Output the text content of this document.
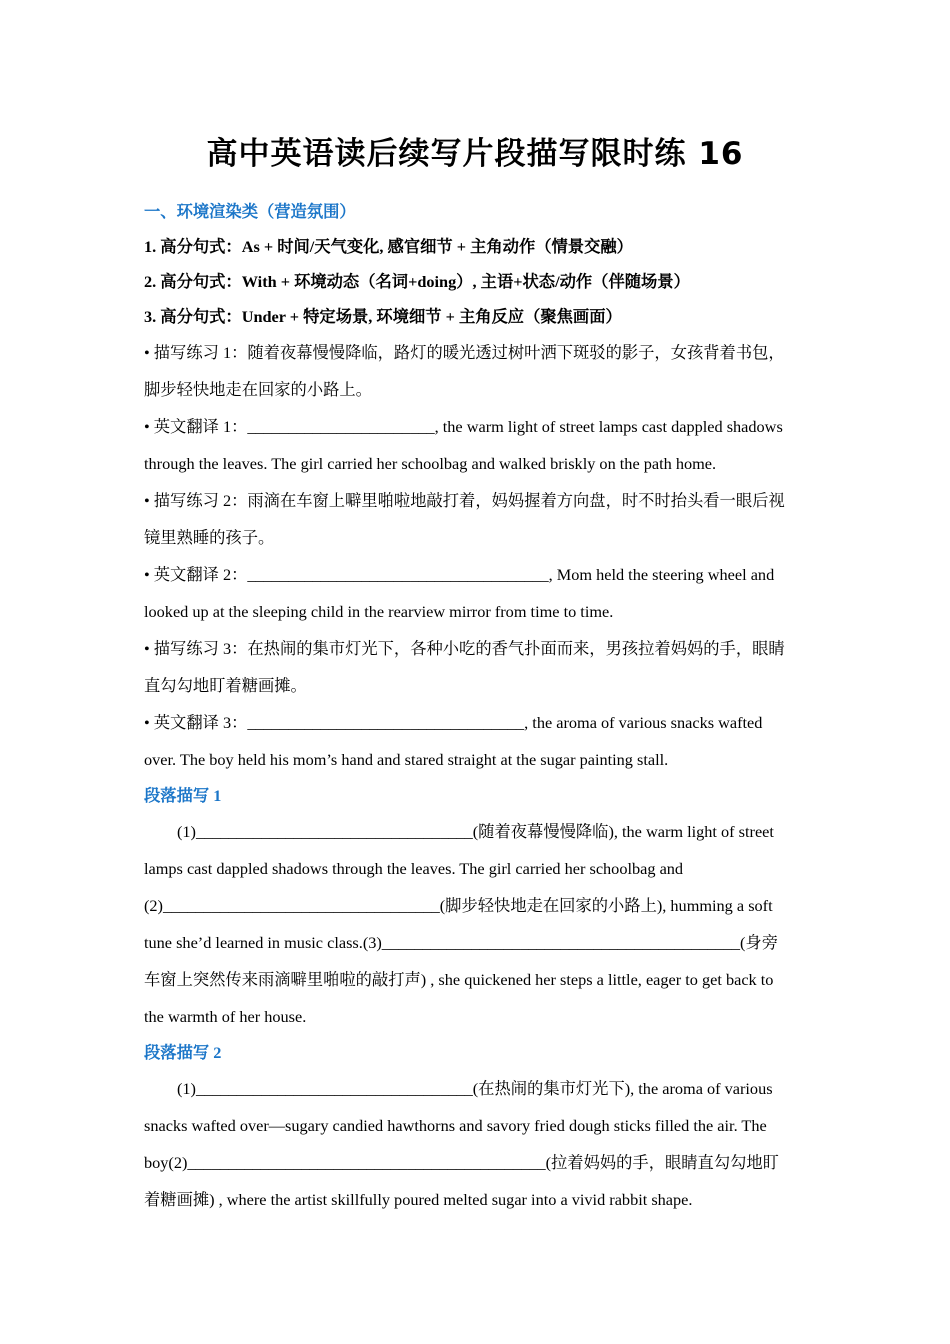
高中英语读后续写片段描写限时练 16

一、环境渲染类（营造氛围）

1. 高分句式：As + 时间/天气变化, 感官细节 + 主角动作（情景交融）

2. 高分句式：With + 环境动态（名词+doing）, 主语+状态/动作（伴随场景）

3. 高分句式：Under + 特定场景, 环境细节 + 主角反应（聚焦画面）

• 描写练习 1：随着夜幕慢慢降临，路灯的暖光透过树叶洒下斑驳的影子，女孩背着书包，

脚步轻快地走在回家的小路上。

• 英文翻译 1：_______________________, the warm light of street lamps cast dappled shadows

through the leaves. The girl carried her schoolbag and walked briskly on the path home.

• 描写练习 2：雨滴在车窗上噼里啪啦地敲打着，妈妈握着方向盘，时不时抬头看一眼后视

镜里熟睡的孩子。

• 英文翻译 2：_____________________________________, Mom held the steering wheel and

looked up at the sleeping child in the rearview mirror from time to time.

• 描写练习 3：在热闹的集市灯光下，各种小吃的香气扑面而来，男孩拉着妈妈的手，眼睛

直勾勾地盯着糖画摊。

• 英文翻译 3：__________________________________, the aroma of various snacks wafted

over. The boy held his mom’s hand and stared straight at the sugar painting stall.

段落描写 1

(1)__________________________________(随着夜幕慢慢降临), the warm light of street

lamps cast dappled shadows through the leaves. The girl carried her schoolbag and

(2)__________________________________(脚步轻快地走在回家的小路上), humming a soft

tune she’d learned in music class.(3)____________________________________________(身旁

车窗上突然传来雨滴噼里啪啦的敲打声) , she quickened her steps a little, eager to get back to

the warmth of her house.

段落描写 2

(1)__________________________________(在热闹的集市灯光下), the aroma of various

snacks wafted over—sugary candied hawthorns and savory fried dough sticks filled the air. The

boy(2)____________________________________________(拉着妈妈的手，眼睛直勾勾地盯

着糖画摊) , where the artist skillfully poured melted sugar into a vivid rabbit shape.
